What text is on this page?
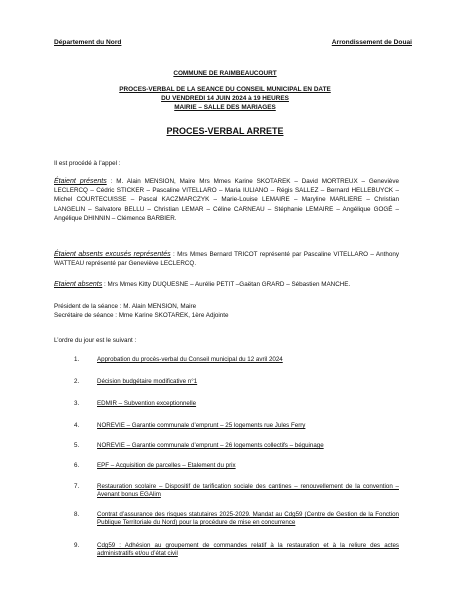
Département du Nord	Arrondissement de Douai
COMMUNE DE RAIMBEAUCOURT
PROCES-VERBAL DE LA SEANCE DU CONSEIL MUNICIPAL EN DATE
DU VENDREDI 14 JUIN 2024 à 19 HEURES
MAIRIE – SALLE DES MARIAGES
PROCES-VERBAL ARRETE
Il est procédé à l’appel :
Étaient présents : M. Alain MENSION, Maire Mrs Mmes Karine SKOTAREK – David MORTREUX – Geneviève LECLERCQ – Cédric STICKER – Pascaline VITELLARO – Maria IULIANO – Régis SALLEZ – Bernard HELLEBUYCK – Michel COURTECUISSE – Pascal KACZMARCZYK – Marie-Louise LEMAIRE – Maryline MARLIERE – Christian LANGELIN – Salvatore BELLU – Christian LEMAR – Céline CARNEAU – Stéphanie LEMAIRE – Angélique GOGÉ – Angélique DHINNIN – Clémence BARBIER.
Étaient absents excusés représentés : Mrs Mmes Bernard TRICOT représenté par Pascaline VITELLARO – Anthony WATTEAU représenté par Geneviève LECLERCQ.
Etaient absents : Mrs Mmes Kitty DUQUESNE – Aurélie PETIT –Gaëtan GRARD – Sébastien MANCHE.
Président de la séance : M. Alain MENSION, Maire
Secrétaire de séance : Mme Karine SKOTAREK, 1ère Adjointe
L’ordre du jour est le suivant :
1.	Approbation du procès-verbal du Conseil municipal du 12 avril 2024
2.	Décision budgétaire modificative n°1
3.	EDMIR – Subvention exceptionnelle
4.	NOREVIE – Garantie communale d’emprunt – 25 logements rue Jules Ferry
5.	NOREVIE – Garantie communale d’emprunt – 26 logements collectifs – béguinage
6.	EPF – Acquisition de parcelles – Etalement du prix
7.	Restauration scolaire – Dispositif de tarification sociale des cantines – renouvellement de la convention – Avenant bonus EGAlim
8.	Contrat d’assurance des risques statutaires 2025-2029. Mandat au Cdg59 (Centre de Gestion de la Fonction Publique Territoriale du Nord) pour la procédure de mise en concurrence
9.	Cdg59 : Adhésion au groupement de commandes relatif à la restauration et à la reliure des actes administratifs et/ou d’état civil
